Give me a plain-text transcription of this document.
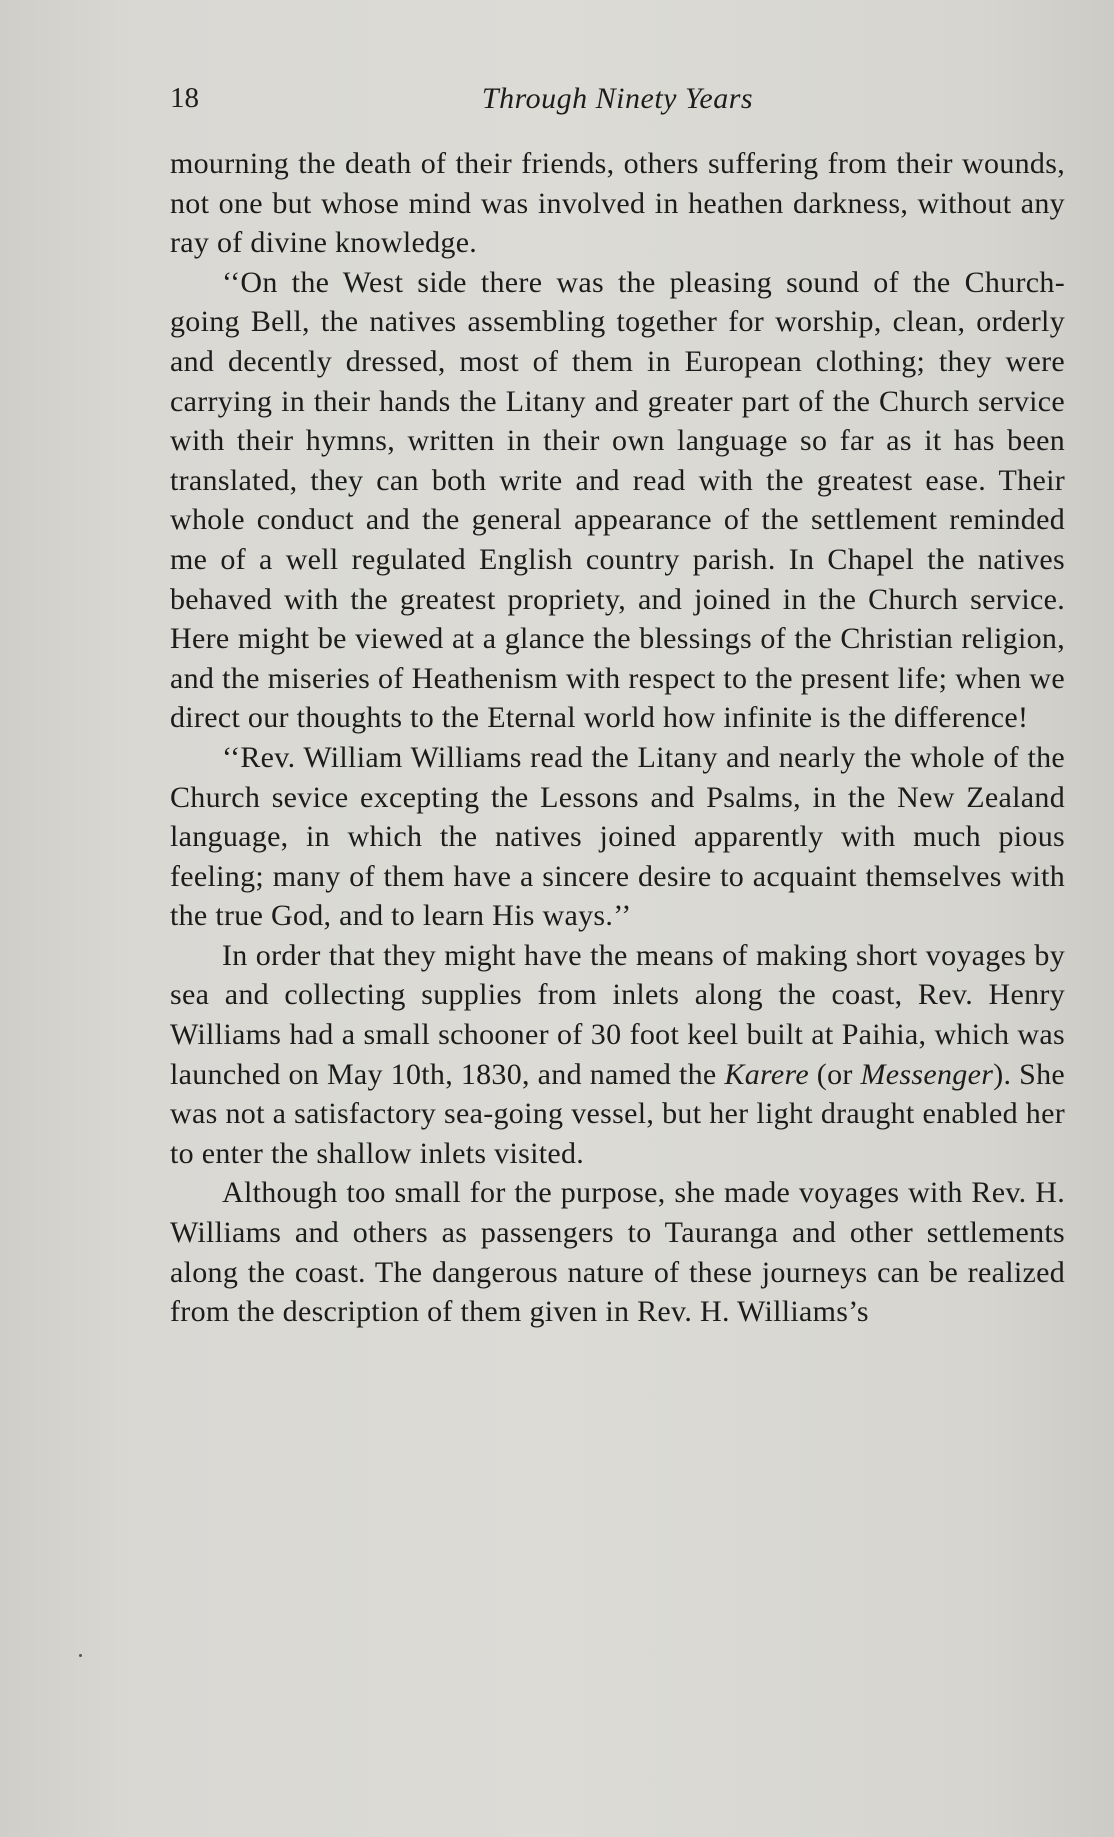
18	Through Ninety Years

mourning the death of their friends, others suffering from their wounds, not one but whose mind was involved in heathen darkness, without any ray of divine knowledge.

‘‘On the West side there was the pleasing sound of the Church-going Bell, the natives assembling together for worship, clean, orderly and decently dressed, most of them in European clothing; they were carrying in their hands the Litany and greater part of the Church service with their hymns, written in their own language so far as it has been translated, they can both write and read with the greatest ease. Their whole conduct and the general appearance of the settlement reminded me of a well regulated English country parish. In Chapel the natives behaved with the greatest propriety, and joined in the Church service. Here might be viewed at a glance the blessings of the Christian religion, and the miseries of Heathenism with respect to the present life; when we direct our thoughts to the Eternal world how infinite is the difference!

‘‘Rev. William Williams read the Litany and nearly the whole of the Church sevice excepting the Lessons and Psalms, in the New Zealand language, in which the natives joined apparently with much pious feeling; many of them have a sincere desire to acquaint themselves with the true God, and to learn His ways.’’

In order that they might have the means of making short voyages by sea and collecting supplies from inlets along the coast, Rev. Henry Williams had a small schooner of 30 foot keel built at Paihia, which was launched on May 10th, 1830, and named the Karere (or Messenger). She was not a satisfactory sea-going vessel, but her light draught enabled her to enter the shallow inlets visited.

Although too small for the purpose, she made voyages with Rev. H. Williams and others as passengers to Tauranga and other settlements along the coast. The dangerous nature of these journeys can be realized from the description of them given in Rev. H. Williams’s
